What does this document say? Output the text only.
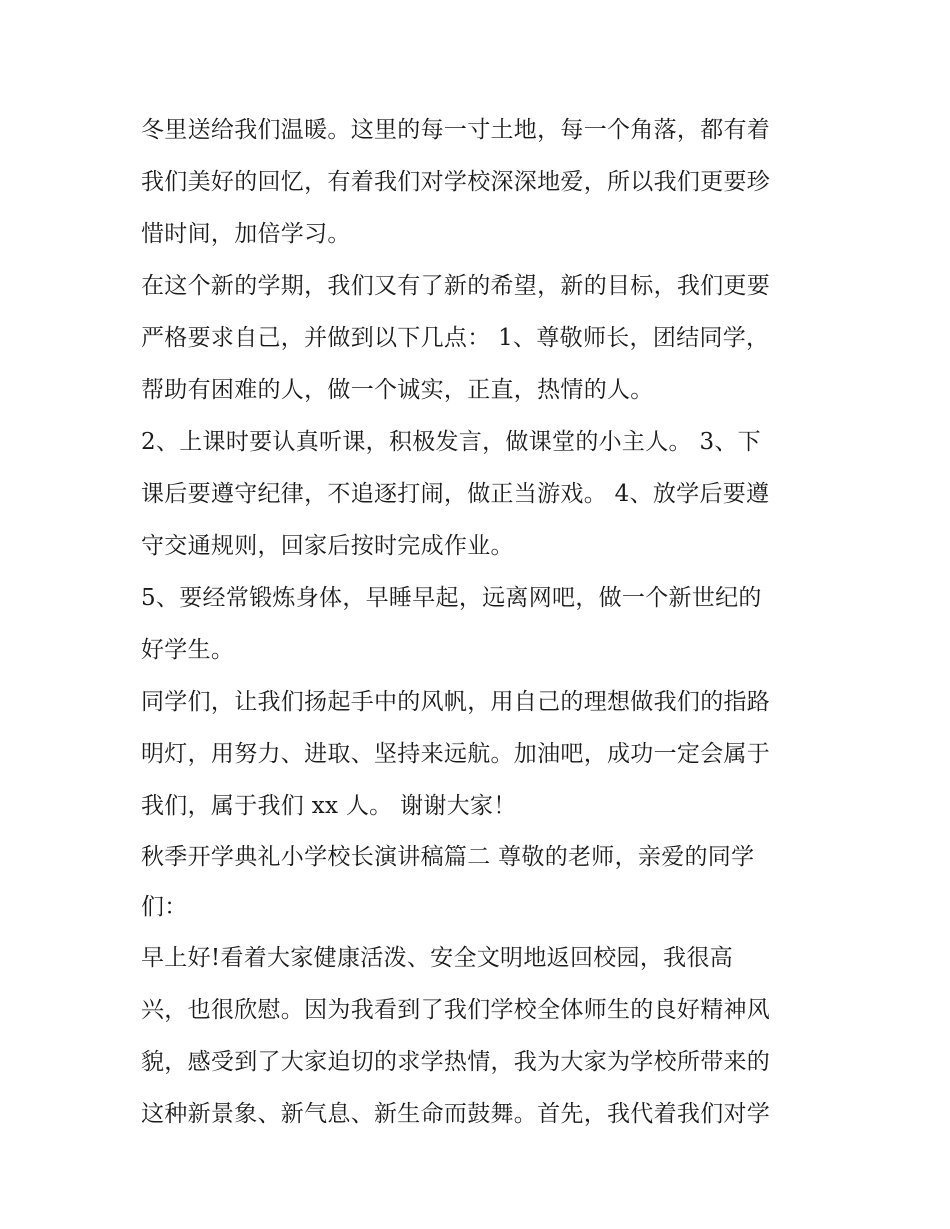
冬里送给我们温暖。这里的每一寸土地，每一个角落，都有着
我们美好的回忆，有着我们对学校深深地爱，所以我们更要珍
惜时间，加倍学习。
在这个新的学期，我们又有了新的希望，新的目标，我们更要
严格要求自己，并做到以下几点： 1、尊敬师长，团结同学，
帮助有困难的人，做一个诚实，正直，热情的人。
2、上课时要认真听课，积极发言，做课堂的小主人。 3、下
课后要遵守纪律，不追逐打闹，做正当游戏。 4、放学后要遵
守交通规则，回家后按时完成作业。
5、要经常锻炼身体，早睡早起，远离网吧，做一个新世纪的
好学生。
同学们，让我们扬起手中的风帆，用自己的理想做我们的指路
明灯，用努力、进取、坚持来远航。加油吧，成功一定会属于
我们，属于我们 xx 人。 谢谢大家！
秋季开学典礼小学校长演讲稿篇二 尊敬的老师，亲爱的同学
们：
早上好!看着大家健康活泼、安全文明地返回校园，我很高
兴，也很欣慰。因为我看到了我们学校全体师生的良好精神风
貌，感受到了大家迫切的求学热情，我为大家为学校所带来的
这种新景象、新气息、新生命而鼓舞。首先，我代着我们对学
